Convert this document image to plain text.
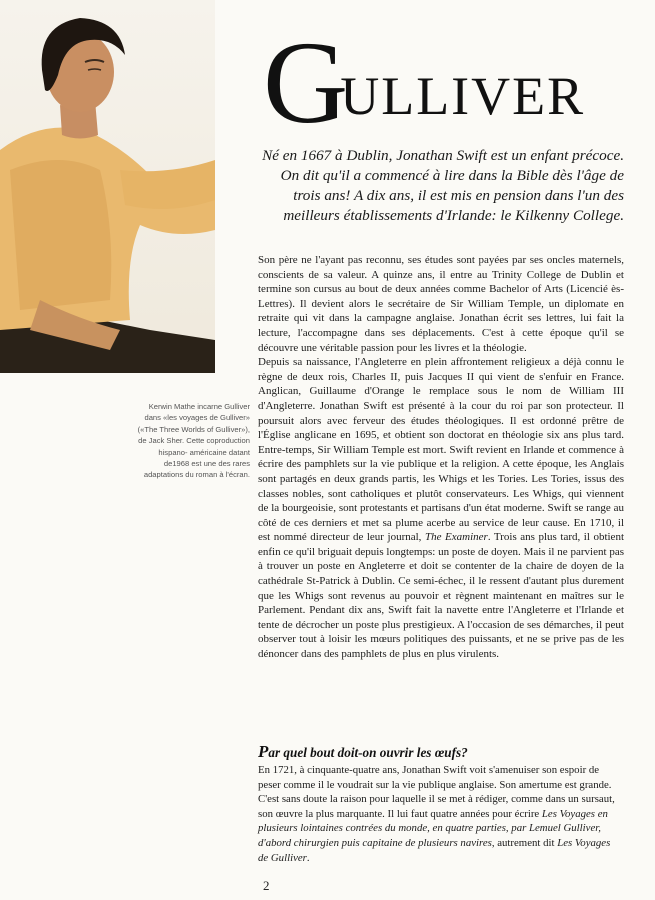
Kerwin Mathe incarne Gulliver dans «les voyages de Gulliver» («The Three Worlds of Gulliver»), de Jack Sher. Cette coproduction hispano- américaine datant de1968 est une des rares adaptations du roman à l'écran.
GULLIVER
Né en 1667 à Dublin, Jonathan Swift est un enfant précoce. On dit qu'il a commencé à lire dans la Bible dès l'âge de trois ans! A dix ans, il est mis en pension dans l'un des meilleurs établissements d'Irlande: le Kilkenny College.

Son père ne l'ayant pas reconnu, ses études sont payées par ses oncles maternels, conscients de sa valeur. A quinze ans, il entre au Trinity College de Dublin et termine son cursus au bout de deux années comme Bachelor of Arts (Licencié ès-Lettres). Il devient alors le secrétaire de Sir William Temple, un diplomate en retraite qui vit dans la campagne anglaise. Jonathan écrit ses lettres, lui fait la lecture, l'accompagne dans ses déplacements. C'est à cette époque qu'il se découvre une véritable passion pour les livres et la théologie.

Depuis sa naissance, l'Angleterre en plein affrontement religieux a déjà connu le règne de deux rois, Charles II, puis Jacques II qui vient de s'enfuir en France. Anglican, Guillaume d'Orange le remplace sous le nom de William III d'Angleterre. Jonathan Swift est présenté à la cour du roi par son protecteur. Il poursuit alors avec ferveur des études théologiques. Il est ordonné prêtre de l'Église anglicane en 1695, et obtient son doctorat en théologie six ans plus tard. Entre-temps, Sir William Temple est mort. Swift revient en Irlande et commence à écrire des pamphlets sur la vie publique et la religion. A cette époque, les Anglais sont partagés en deux grands partis, les Whigs et les Tories. Les Tories, issus des classes nobles, sont catholiques et plutôt conservateurs. Les Whigs, qui viennent de la bourgeoisie, sont protestants et partisans d'un état moderne. Swift se range au côté de ces derniers et met sa plume acerbe au service de leur cause. En 1710, il est nommé directeur de leur journal, The Examiner. Trois ans plus tard, il obtient enfin ce qu'il briguait depuis longtemps: un poste de doyen. Mais il ne parvient pas à trouver un poste en Angleterre et doit se contenter de la chaire de doyen de la cathédrale St-Patrick à Dublin. Ce semi-échec, il le ressent d'autant plus durement que les Whigs sont revenus au pouvoir et règnent maintenant en maîtres sur le Parlement. Pendant dix ans, Swift fait la navette entre l'Angleterre et l'Irlande et tente de décrocher un poste plus prestigieux. A l'occasion de ses démarches, il peut observer tout à loisir les mœurs politiques des puissants, et ne se prive pas de les dénoncer dans des pamphlets de plus en plus virulents.

Par quel bout doit-on ouvrir les œufs?
En 1721, à cinquante-quatre ans, Jonathan Swift voit s'amenuiser son espoir de peser comme il le voudrait sur la vie publique anglaise. Son amertume est grande. C'est sans doute la raison pour laquelle il se met à rédiger, comme dans un sursaut, son œuvre la plus marquante. Il lui faut quatre années pour écrire Les Voyages en plusieurs lointaines contrées du monde, en quatre parties, par Lemuel Gulliver, d'abord chirurgien puis capitaine de plusieurs navires, autrement dit Les Voyages de Gulliver.
2
